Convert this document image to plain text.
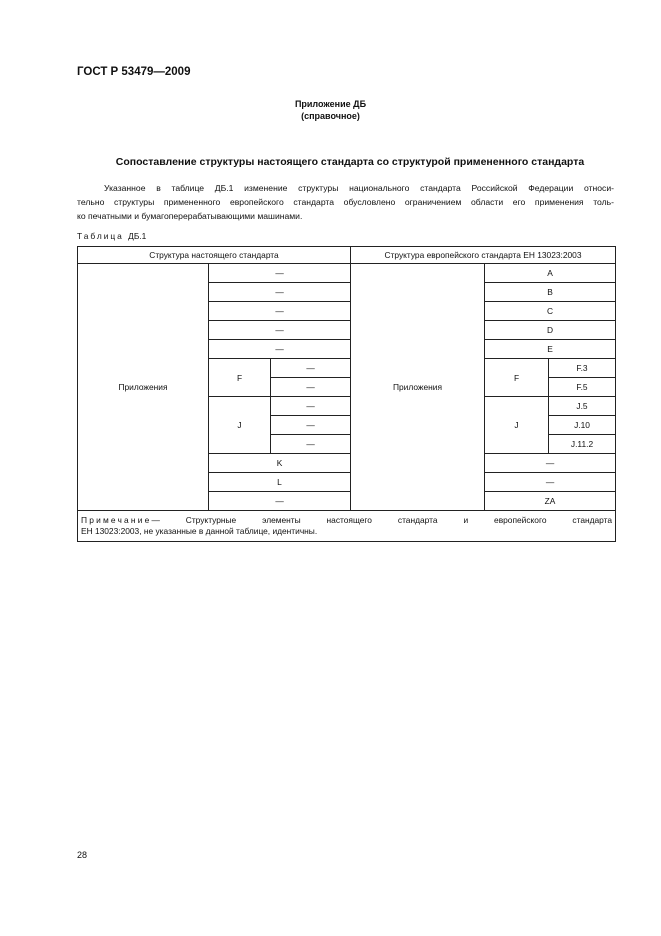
ГОСТ Р 53479—2009
Приложение ДБ
(справочное)
Сопоставление структуры настоящего стандарта со структурой примененного стандарта
Указанное в таблице ДБ.1 изменение структуры национального стандарта Российской Федерации относи-
тельно структуры примененного европейского стандарта обусловлено ограничением области его применения толь-
ко печатными и бумагоперерабатывающими машинами.
Таблица ДБ.1
Структура настоящего стандарта			Структура европейского стандарта ЕН 13023:2003		
Приложения	—		Приложения	A	
	—			B	
	—			C	
	—			D	
	—			E	
	F	—		F	F.3
		—			F.5
	J	—		J	J.5
		—			J.10
		—			J.11.2
	K			—	
	L			—	
	—			ZA	

Примечание— Структурные элементы настоящего стандарта и европейского стандарта
ЕН 13023:2003, не указанные в данной таблице, идентичны.					
28
